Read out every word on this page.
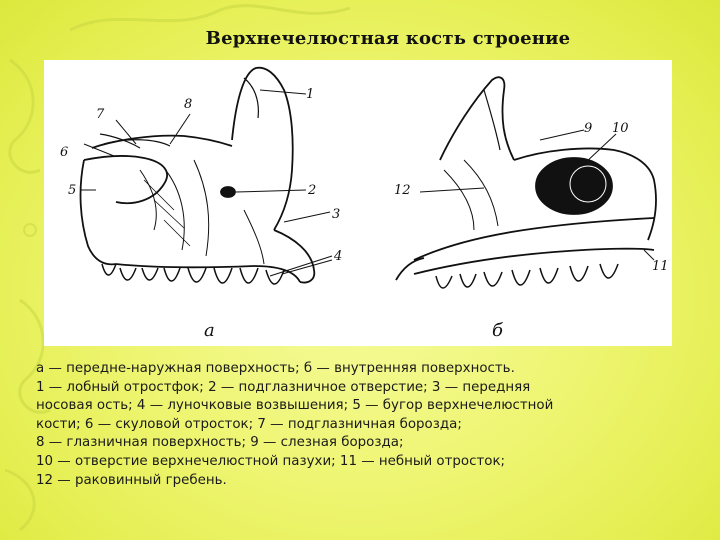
Верхнечелюстная кость строение
1
2
3
4
5
6
7
8
9 10
11
12
а	б
а — передне-наружная поверхность; б — внутренняя поверхность.
1 — лобный отростфок; 2 — подглазничное отверстие; 3 — передняя
носовая ость; 4 — луночковые возвышения; 5 — бугор верхнечелюстной
кости; 6 — скуловой отросток; 7 — подглазничная борозда;
8 — глазничная поверхность; 9 — слезная борозда;
10 — отверстие верхнечелюстной пазухи; 11 — небный отросток;
12 — раковинный гребень.
